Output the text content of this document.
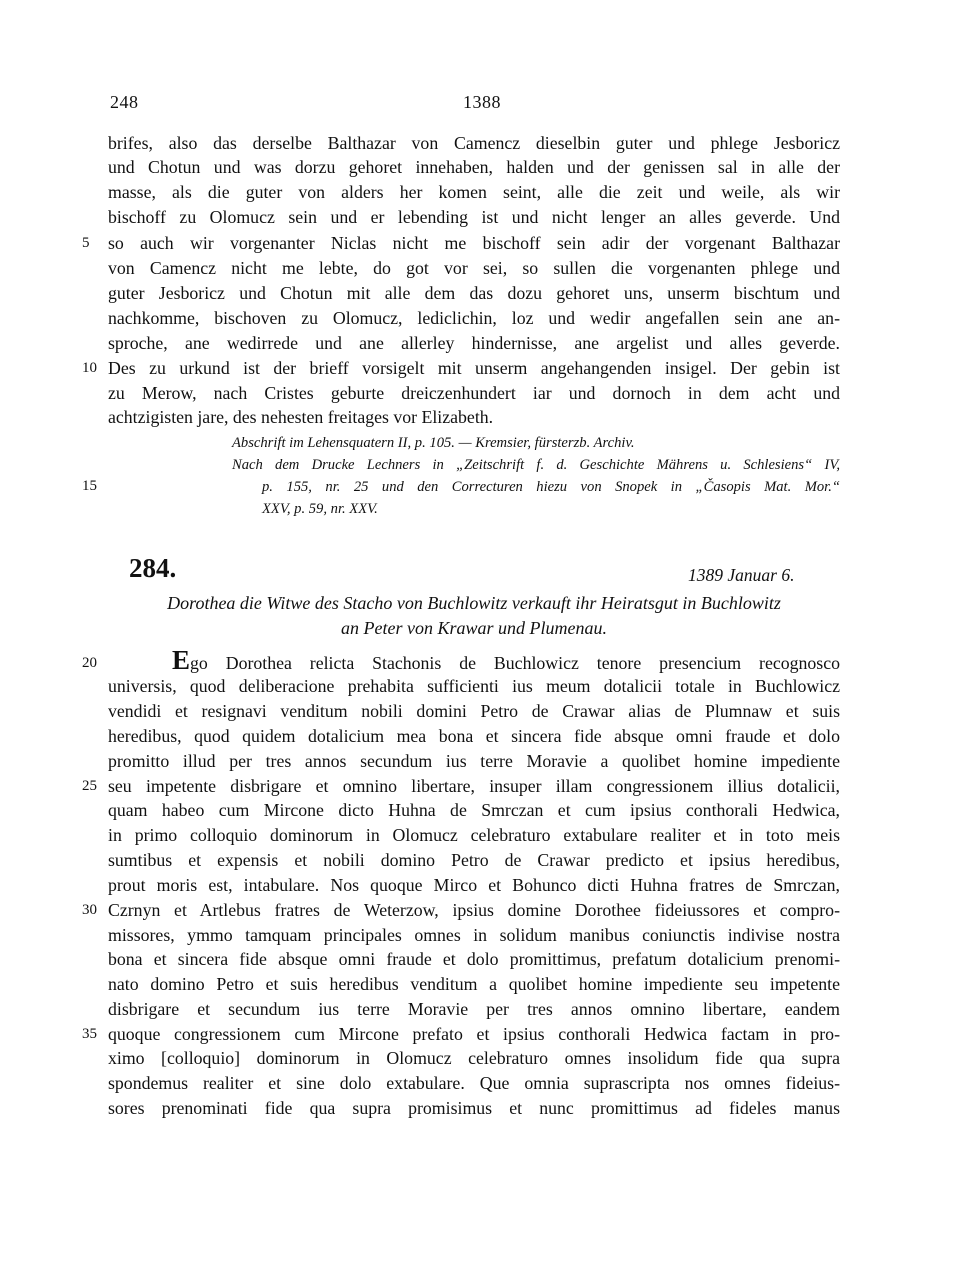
248	1388
brifes, also das derselbe Balthazar von Camencz dieselbin guter und phlege Jesboricz
und Chotun und was dorzu gehoret innehaben, halden und der genissen sal in alle der
masse, als die guter von alders her komen seint, alle die zeit und weile, als wir
bischoff zu Olomucz sein und er lebending ist und nicht lenger an alles geverde. Und
5 so auch wir vorgenanter Niclas nicht me bischoff sein adir der vorgenant Balthazar
von Camencz nicht me lebte, do got vor sei, so sullen die vorgenanten phlege und
guter Jesboricz und Chotun mit alle dem das dozu gehoret uns, unserm bischtum und
nachkomme, bischoven zu Olomucz, lediclichin, loz und wedir angefallen sein ane an-
sproche, ane wedirrede und ane allerley hindernisse, ane argelist und alles geverde.
10 Des zu urkund ist der brieff vorsigelt mit unserm angehangenden insigel. Der gebin ist
zu Merow, nach Cristes geburte dreiczenhundert iar und dornoch in dem acht und
achtzigisten jare, des nehesten freitages vor Elizabeth.
Abschrift im Lehensquatern II, p. 105. — Kremsier, fürsterzb. Archiv.
Nach dem Drucke Lechners in „Zeitschrift f. d. Geschichte Mährens u. Schlesiens“ IV,
15	p. 155, nr. 25 und den Correcturen hiezu von Snopek in „Časopis Mat. Mor.“
XXV, p. 59, nr. XXV.
284.	1389 Januar 6.
Dorothea die Witwe des Stacho von Buchlowitz verkauft ihr Heiratsgut in Buchlowitz
an Peter von Krawar und Plumenau.
20	Ego Dorothea relicta Stachonis de Buchlowicz tenore presencium recognosco
universis, quod deliberacione prehabita sufficienti ius meum dotalicii totale in Buchlowicz
vendidi et resignavi venditum nobili domini Petro de Crawar alias de Plumnaw et suis
heredibus, quod quidem dotalicium mea bona et sincera fide absque omni fraude et dolo
promitto illud per tres annos secundum ius terre Moravie a quolibet homine impediente
25 seu impetente disbrigare et omnino libertare, insuper illam congressionem illius dotalicii,
quam habeo cum Mircone dicto Huhna de Smrczan et cum ipsius conthorali Hedwica,
in primo colloquio dominorum in Olomucz celebraturo extabulare realiter et in toto meis
sumtibus et expensis et nobili domino Petro de Crawar predicto et ipsius heredibus,
prout moris est, intabulare. Nos quoque Mirco et Bohunco dicti Huhna fratres de Smrczan,
30 Czrnyn et Artlebus fratres de Weterzow, ipsius domine Dorothee fideiussores et compro-
missores, ymmo tamquam principales omnes in solidum manibus coniunctis indivise nostra
bona et sincera fide absque omni fraude et dolo promittimus, prefatum dotalicium prenomi-
nato domino Petro et suis heredibus venditum a quolibet homine impediente seu impetente
disbrigare et secundum ius terre Moravie per tres annos omnino libertare, eandem
35 quoque congressionem cum Mircone prefato et ipsius conthorali Hedwica factam in pro-
ximo [colloquio] dominorum in Olomucz celebraturo omnes insolidum fide qua supra
spondemus realiter et sine dolo extabulare. Que omnia suprascripta nos omnes fideius-
sores prenominati fide qua supra promisimus et nunc promittimus ad fideles manus
